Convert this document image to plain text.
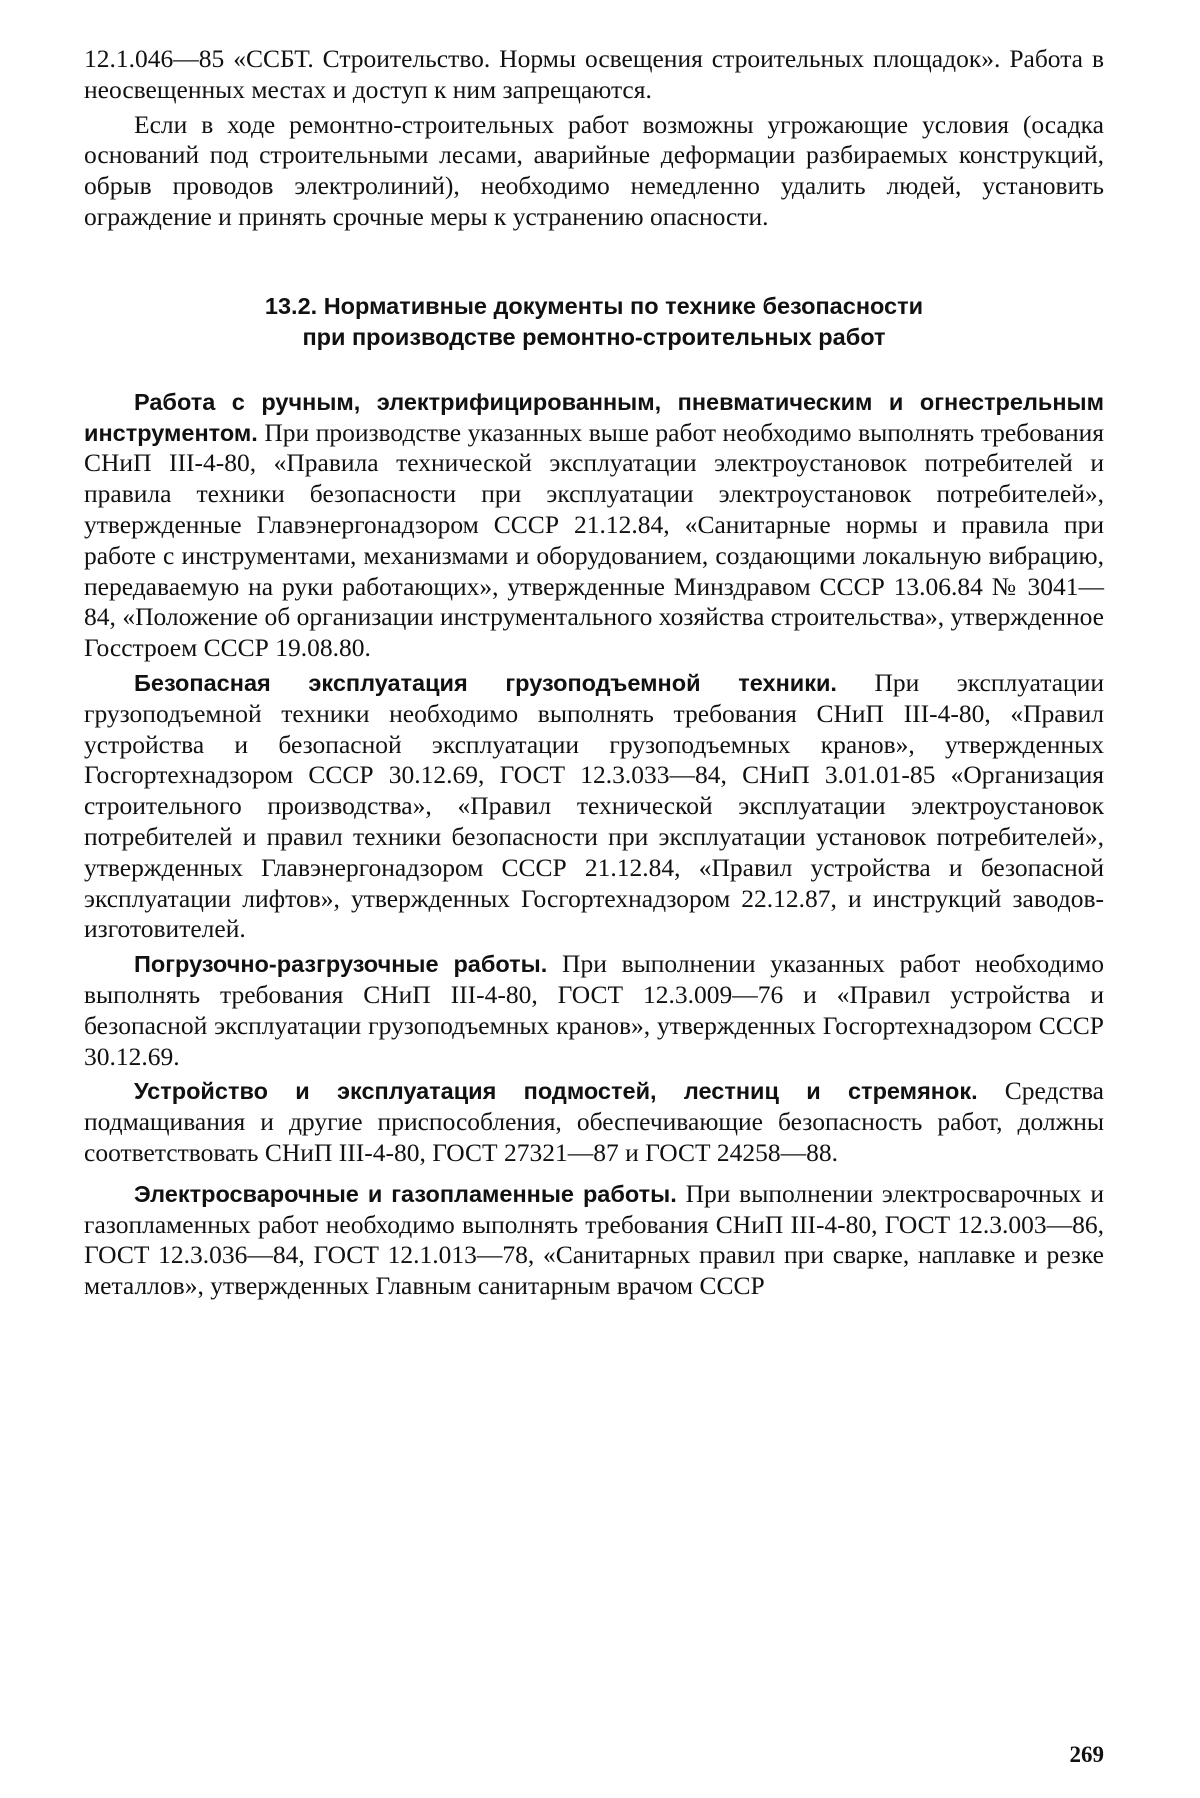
12.1.046—85 «ССБТ. Строительство. Нормы освещения строительных площадок». Работа в неосвещенных местах и доступ к ним запрещаются.

Если в ходе ремонтно-строительных работ возможны угрожающие условия (осадка оснований под строительными лесами, аварийные деформации разбираемых конструкций, обрыв проводов электролиний), необходимо немедленно удалить людей, установить ограждение и принять срочные меры к устранению опасности.

13.2. Нормативные документы по технике безопасности
при производстве ремонтно-строительных работ

Работа с ручным, электрифицированным, пневматическим и огнестрельным инструментом. При производстве указанных выше работ необходимо выполнять требования СНиП III-4-80, «Правила технической эксплуатации электроустановок потребителей и правила техники безопасности при эксплуатации электроустановок потребителей», утвержденные Главэнергонадзором СССР 21.12.84, «Санитарные нормы и правила при работе с инструментами, механизмами и оборудованием, создающими локальную вибрацию, передаваемую на руки работающих», утвержденные Минздравом СССР 13.06.84 № 3041—84, «Положение об организации инструментального хозяйства строительства», утвержденное Госстроем СССР 19.08.80.

Безопасная эксплуатация грузоподъемной техники. При эксплуатации грузоподъемной техники необходимо выполнять требования СНиП III-4-80, «Правил устройства и безопасной эксплуатации грузоподъемных кранов», утвержденных Госгортехнадзором СССР 30.12.69, ГОСТ 12.3.033—84, СНиП 3.01.01-85 «Организация строительного производства», «Правил технической эксплуатации электроустановок потребителей и правил техники безопасности при эксплуатации установок потребителей», утвержденных Главэнергонадзором СССР 21.12.84, «Правил устройства и безопасной эксплуатации лифтов», утвержденных Госгортехнадзором 22.12.87, и инструкций заводов-изготовителей.

Погрузочно-разгрузочные работы. При выполнении указанных работ необходимо выполнять требования СНиП III-4-80, ГОСТ 12.3.009—76 и «Правил устройства и безопасной эксплуатации грузоподъемных кранов», утвержденных Госгортехнадзором СССР 30.12.69.

Устройство и эксплуатация подмостей, лестниц и стремянок. Средства подмащивания и другие приспособления, обеспечивающие безопасность работ, должны соответствовать СНиП III-4-80, ГОСТ 27321—87 и ГОСТ 24258—88.

Электросварочные и газопламенные работы. При выполнении электросварочных и газопламенных работ необходимо выполнять требования СНиП III-4-80, ГОСТ 12.3.003—86, ГОСТ 12.3.036—84, ГОСТ 12.1.013—78, «Санитарных правил при сварке, наплавке и резке металлов», утвержденных Главным санитарным врачом СССР

269
